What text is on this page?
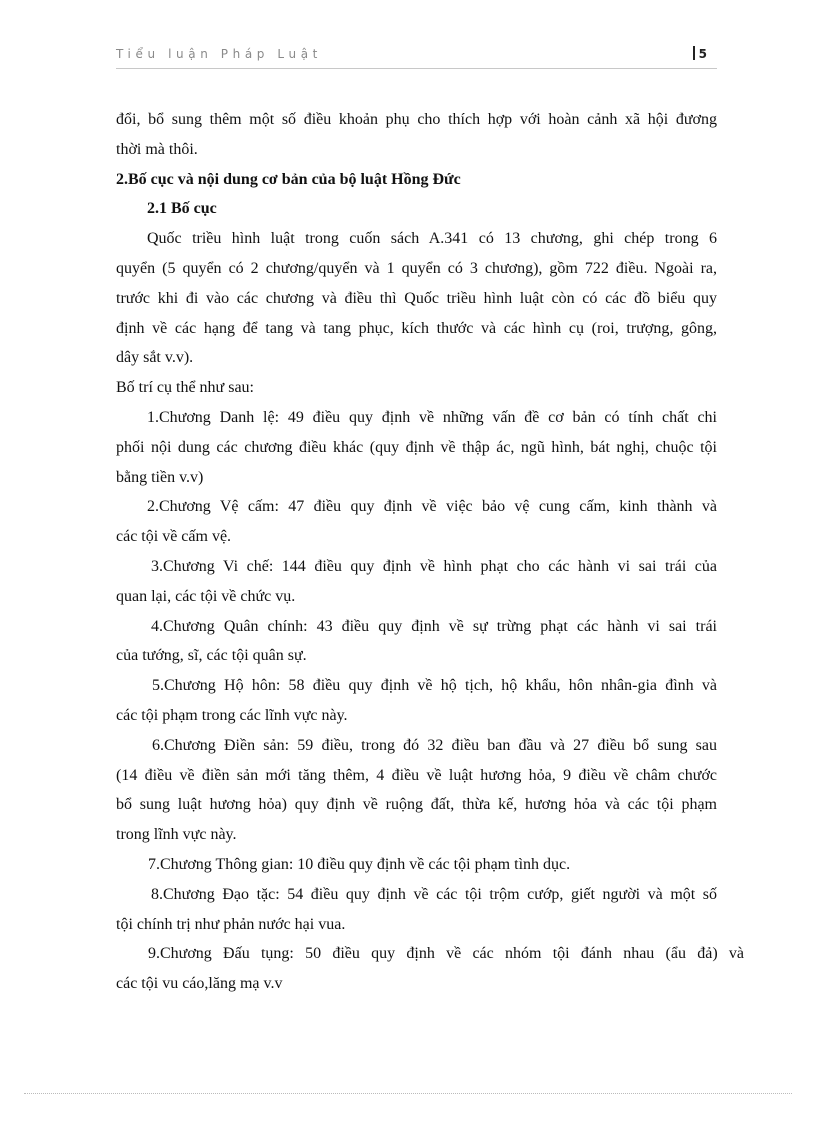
Tiểu luận Pháp Luật	5
đổi, bổ sung thêm một số điều khoản phụ cho thích hợp với hoàn cảnh xã hội đương
thời mà thôi.
2.Bố cục và nội dung cơ bản của bộ luật Hồng Đức
2.1 Bố cục
Quốc triều hình luật trong cuốn sách A.341 có 13 chương, ghi chép trong 6
quyển (5 quyển có 2 chương/quyển và 1 quyển có 3 chương), gồm 722 điều. Ngoài ra,
trước khi đi vào các chương và điều thì Quốc triều hình luật còn có các đồ biểu quy
định về các hạng để tang và tang phục, kích thước và các hình cụ (roi, trượng, gông,
dây sắt v.v).
Bố trí cụ thể như sau:
1.Chương Danh lệ: 49 điều quy định về những vấn đề cơ bản có tính chất chi
phối nội dung các chương điều khác (quy định về thập ác, ngũ hình, bát nghị, chuộc tội
bằng tiền v.v)
2.Chương Vệ cấm: 47 điều quy định về việc bảo vệ cung cấm, kinh thành và
các tội về cấm vệ.
3.Chương Vi chế: 144 điều quy định về hình phạt cho các hành vi sai trái của
quan lại, các tội về chức vụ.
4.Chương Quân chính: 43 điều quy định về sự trừng phạt các hành vi sai trái
của tướng, sĩ, các tội quân sự.
5.Chương Hộ hôn: 58 điều quy định về hộ tịch, hộ khẩu, hôn nhân-gia đình và
các tội phạm trong các lĩnh vực này.
6.Chương Điền sản: 59 điều, trong đó 32 điều ban đầu và 27 điều bổ sung sau
(14 điều về điền sản mới tăng thêm, 4 điều về luật hương hỏa, 9 điều về châm chước
bổ sung luật hương hỏa) quy định về ruộng đất, thừa kế, hương hỏa và các tội phạm
trong lĩnh vực này.
7.Chương Thông gian: 10 điều quy định về các tội phạm tình dục.
8.Chương Đạo tặc: 54 điều quy định về các tội trộm cướp, giết người và một số
tội chính trị như phản nước hại vua.
9.Chương Đấu tụng: 50 điều quy định về các nhóm tội đánh nhau (ẩu đả) và
các tội vu cáo,lăng mạ v.v
